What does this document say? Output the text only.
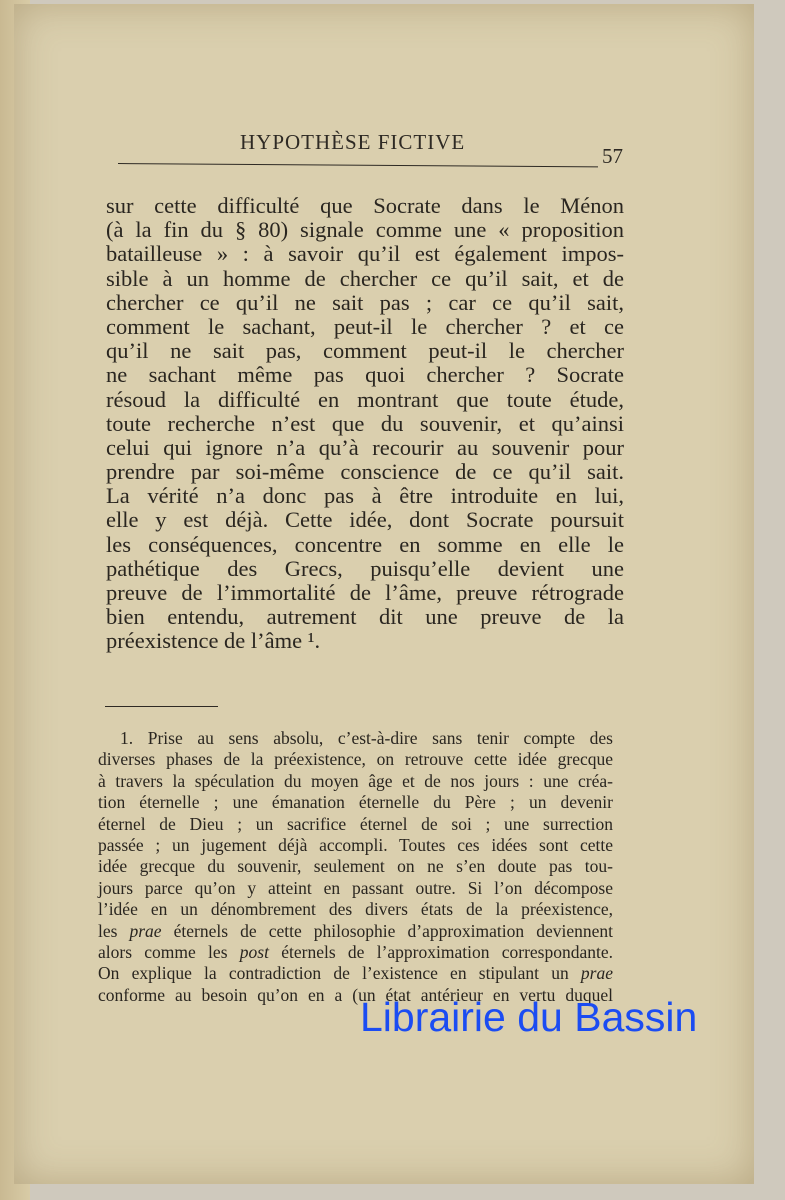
HYPOTHÈSE FICTIVE
57
sur cette difficulté que Socrate dans le Ménon
(à la fin du § 80) signale comme une « proposition
batailleuse » : à savoir qu’il est également impos-
sible à un homme de chercher ce qu’il sait, et de
chercher ce qu’il ne sait pas ; car ce qu’il sait,
comment le sachant, peut-il le chercher ? et ce
qu’il ne sait pas, comment peut-il le chercher
ne sachant même pas quoi chercher ? Socrate
résoud la difficulté en montrant que toute étude,
toute recherche n’est que du souvenir, et qu’ainsi
celui qui ignore n’a qu’à recourir au souvenir pour
prendre par soi-même conscience de ce qu’il sait.
La vérité n’a donc pas à être introduite en lui,
elle y est déjà. Cette idée, dont Socrate poursuit
les conséquences, concentre en somme en elle le
pathétique des Grecs, puisqu’elle devient une
preuve de l’immortalité de l’âme, preuve rétrograde
bien entendu, autrement dit une preuve de la
préexistence de l’âme ¹.
1. Prise au sens absolu, c’est-à-dire sans tenir compte des
diverses phases de la préexistence, on retrouve cette idée grecque
à travers la spéculation du moyen âge et de nos jours : une créa-
tion éternelle ; une émanation éternelle du Père ; un devenir
éternel de Dieu ; un sacrifice éternel de soi ; une surrection
passée ; un jugement déjà accompli. Toutes ces idées sont cette
idée grecque du souvenir, seulement on ne s’en doute pas tou-
jours parce qu’on y atteint en passant outre. Si l’on décompose
l’idée en un dénombrement des divers états de la préexistence,
les prae éternels de cette philosophie d’approximation deviennent
alors comme les post éternels de l’approximation correspondante.
On explique la contradiction de l’existence en stipulant un prae
conforme au besoin qu’on en a (un état antérieur en vertu duquel
Librairie du Bassin
